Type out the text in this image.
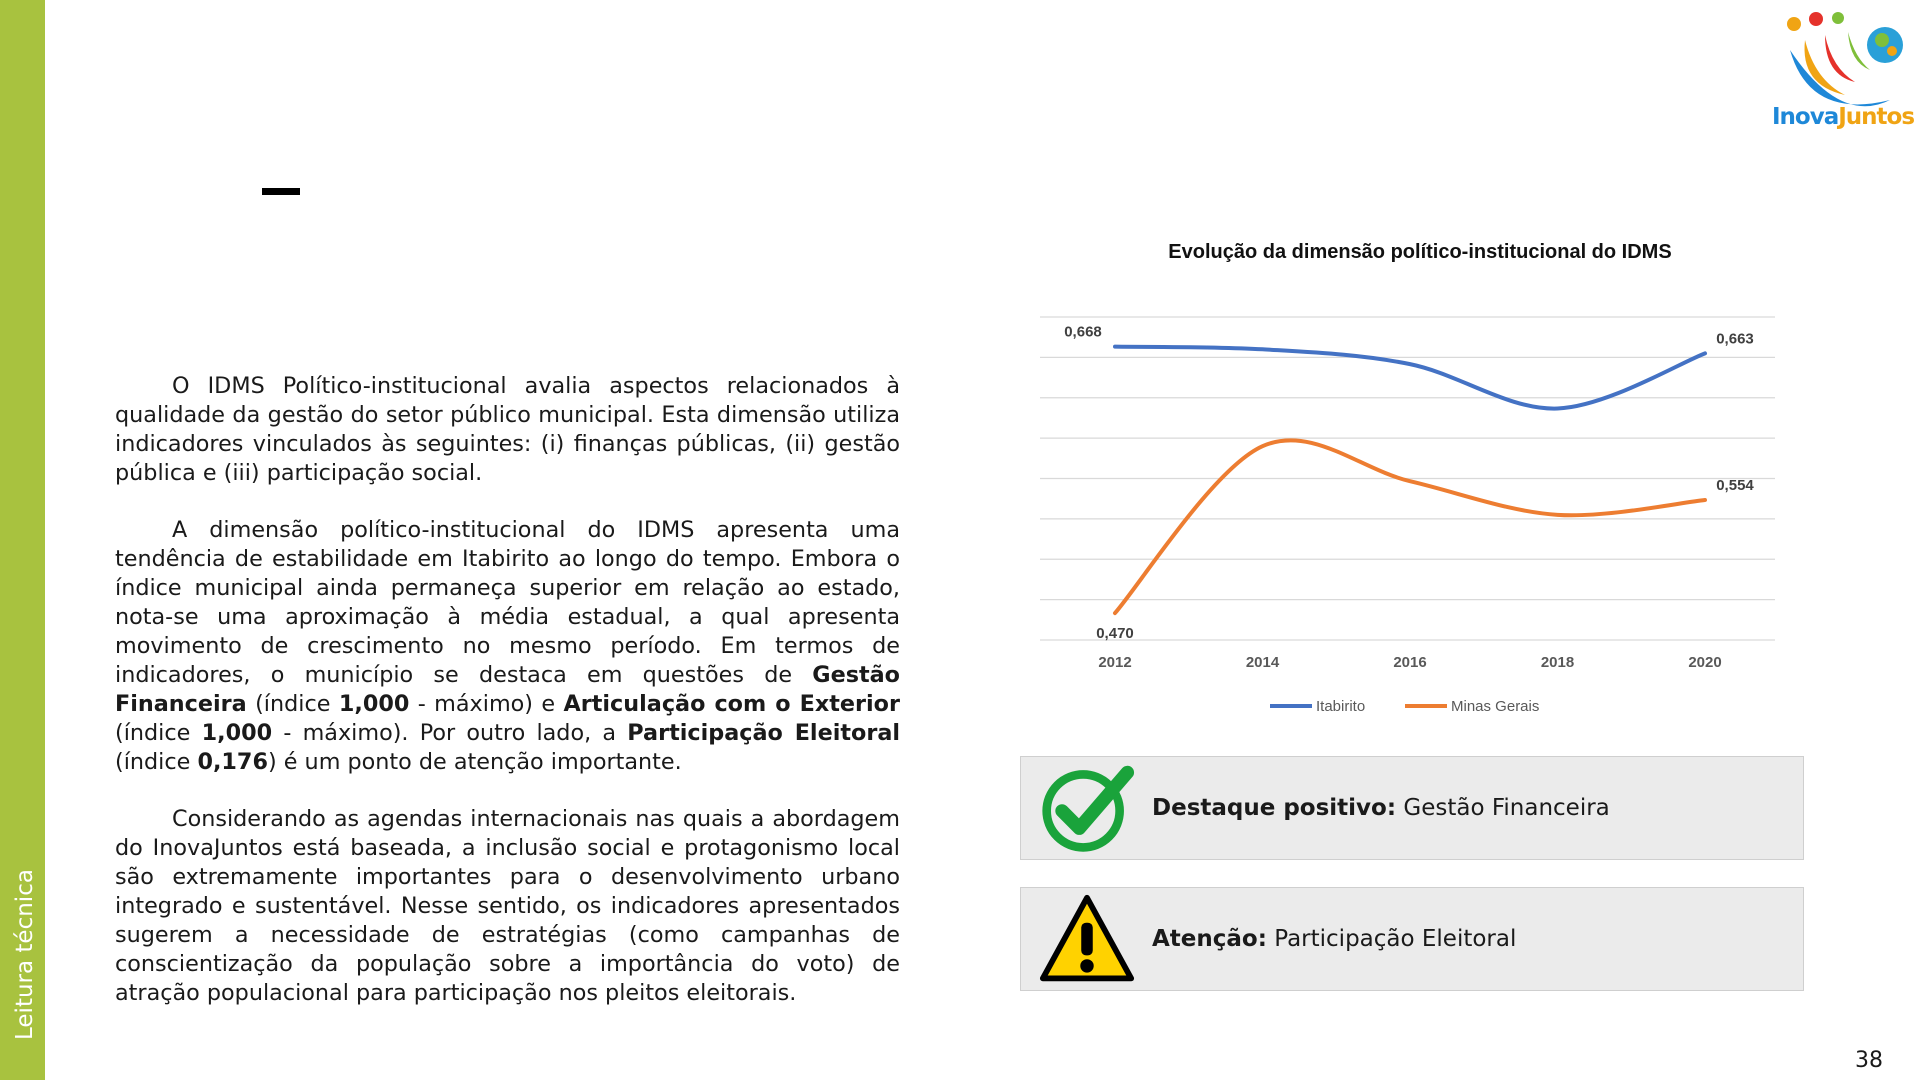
Leitura técnica
InovaJuntos

O IDMS Político-institucional avalia aspectos relacionados à qualidade da gestão do setor público municipal. Esta dimensão utiliza indicadores vinculados às seguintes: (i) finanças públicas, (ii) gestão pública e (iii) participação social.

A dimensão político-institucional do IDMS apresenta uma tendência de estabilidade em Itabirito ao longo do tempo. Embora o índice municipal ainda permaneça superior em relação ao estado, nota-se uma aproximação à média estadual, a qual apresenta movimento de crescimento no mesmo período. Em termos de indicadores, o município se destaca em questões de Gestão Financeira (índice 1,000 - máximo) e Articulação com o Exterior (índice 1,000 - máximo). Por outro lado, a Participação Eleitoral (índice 0,176) é um ponto de atenção importante.

Considerando as agendas internacionais nas quais a abordagem do InovaJuntos está baseada, a inclusão social e protagonismo local são extremamente importantes para o desenvolvimento urbano integrado e sustentável. Nesse sentido, os indicadores apresentados sugerem a necessidade de estratégias (como campanhas de conscientização da população sobre a importância do voto) de atração populacional para participação nos pleitos eleitorais.

Evolução da dimensão político-institucional do IDMS
2012	2014	2016	2018	2020
0,668	0,663
0,470
0,554
Itabirito	Minas Gerais
Destaque positivo: Gestão Financeira
Atenção: Participação Eleitoral
38
